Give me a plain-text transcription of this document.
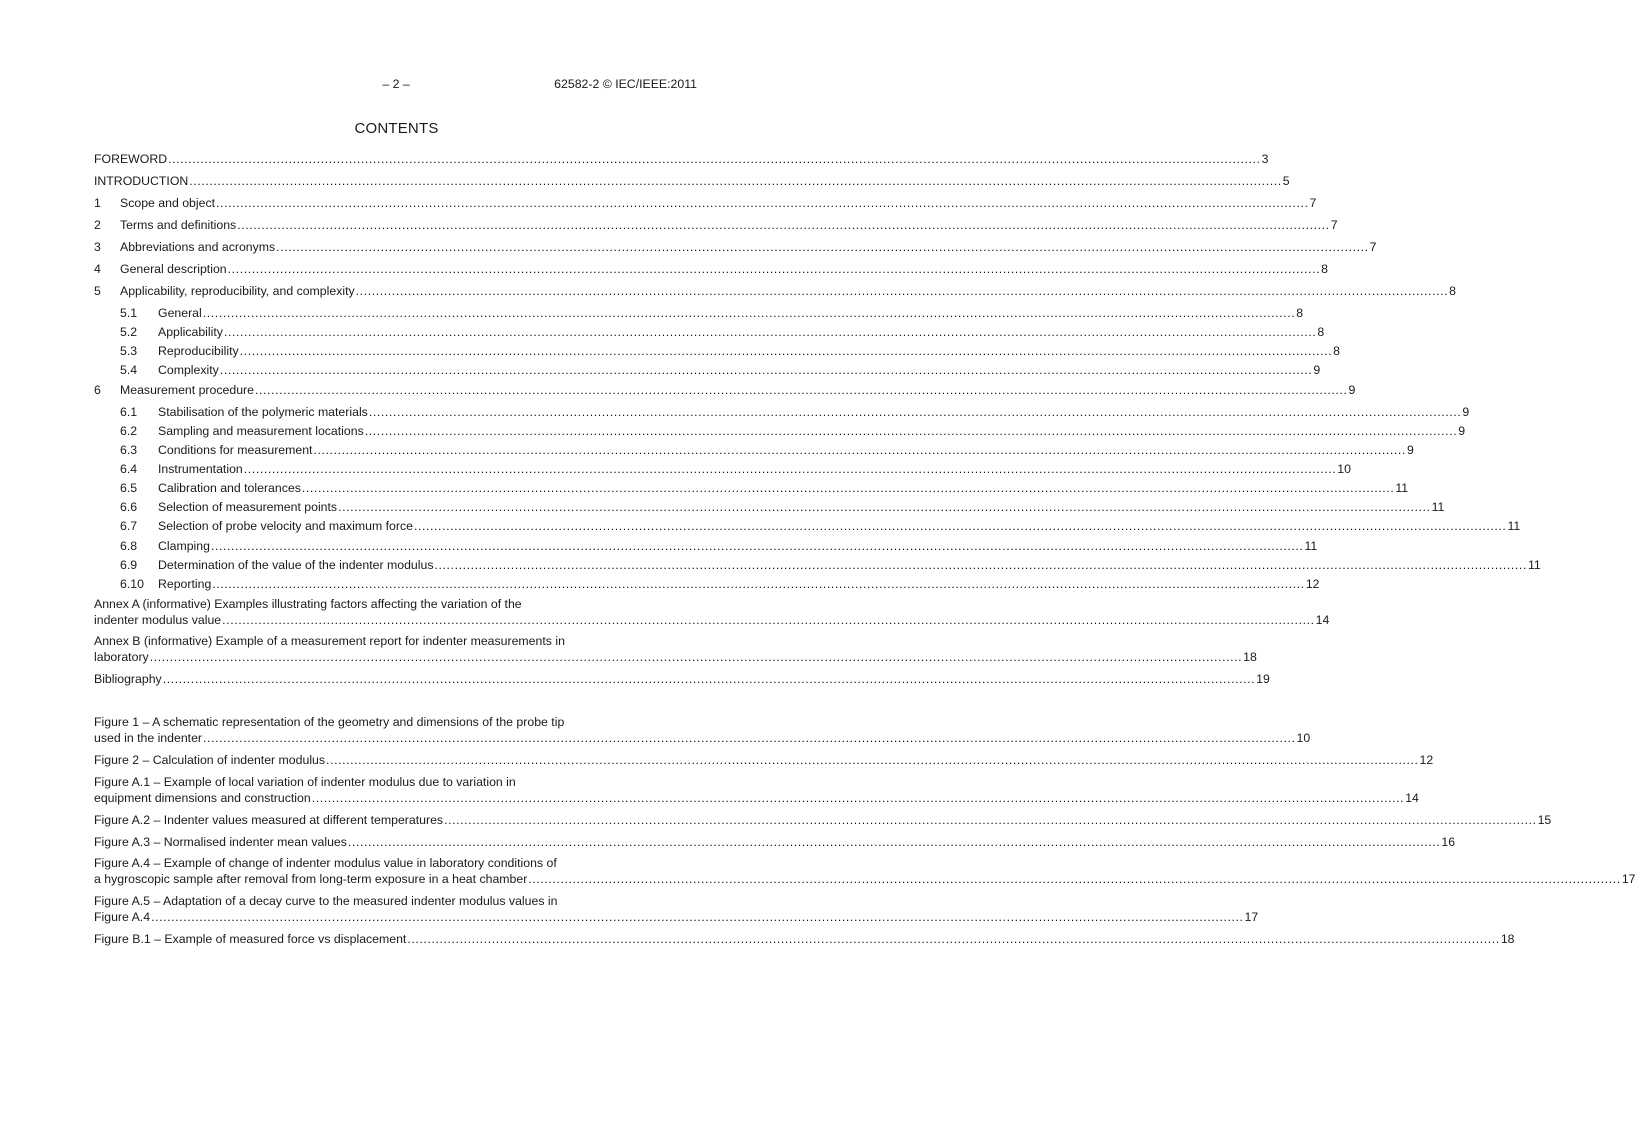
– 2 –	62582-2 © IEC/IEEE:2011
CONTENTS
FOREWORD .....	3
INTRODUCTION .....	5
1	Scope and object .....	7
2	Terms and definitions .....	7
3	Abbreviations and acronyms .....	7
4	General description .....	8
5	Applicability, reproducibility, and complexity .....	8
5.1	General .....	8
5.2	Applicability .....	8
5.3	Reproducibility .....	8
5.4	Complexity .....	9
6	Measurement procedure .....	9
6.1	Stabilisation of the polymeric materials .....	9
6.2	Sampling and measurement locations .....	9
6.3	Conditions for measurement .....	9
6.4	Instrumentation .....	10
6.5	Calibration and tolerances .....	11
6.6	Selection of measurement points .....	11
6.7	Selection of probe velocity and maximum force .....	11
6.8	Clamping .....	11
6.9	Determination of the value of the indenter modulus .....	11
6.10	Reporting .....	12
Annex A (informative) Examples illustrating factors affecting the variation of the
indenter modulus value .....	14
Annex B (informative) Example of a measurement report for indenter measurements in
laboratory .....	18
Bibliography .....	19
Figure 1 – A schematic representation of the geometry and dimensions of the probe tip
used in the indenter .....	10
Figure 2 – Calculation of indenter modulus .....	12
Figure A.1 – Example of local variation of indenter modulus due to variation in
equipment dimensions and construction .....	14
Figure A.2 – Indenter values measured at different temperatures .....	15
Figure A.3 – Normalised indenter mean values .....	16
Figure A.4 – Example of change of indenter modulus value in laboratory conditions of
a hygroscopic sample after removal from long-term exposure in a heat chamber .....	17
Figure A.5 – Adaptation of a decay curve to the measured indenter modulus values in
Figure A.4 .....	17
Figure B.1 – Example of measured force vs displacement .....	18
